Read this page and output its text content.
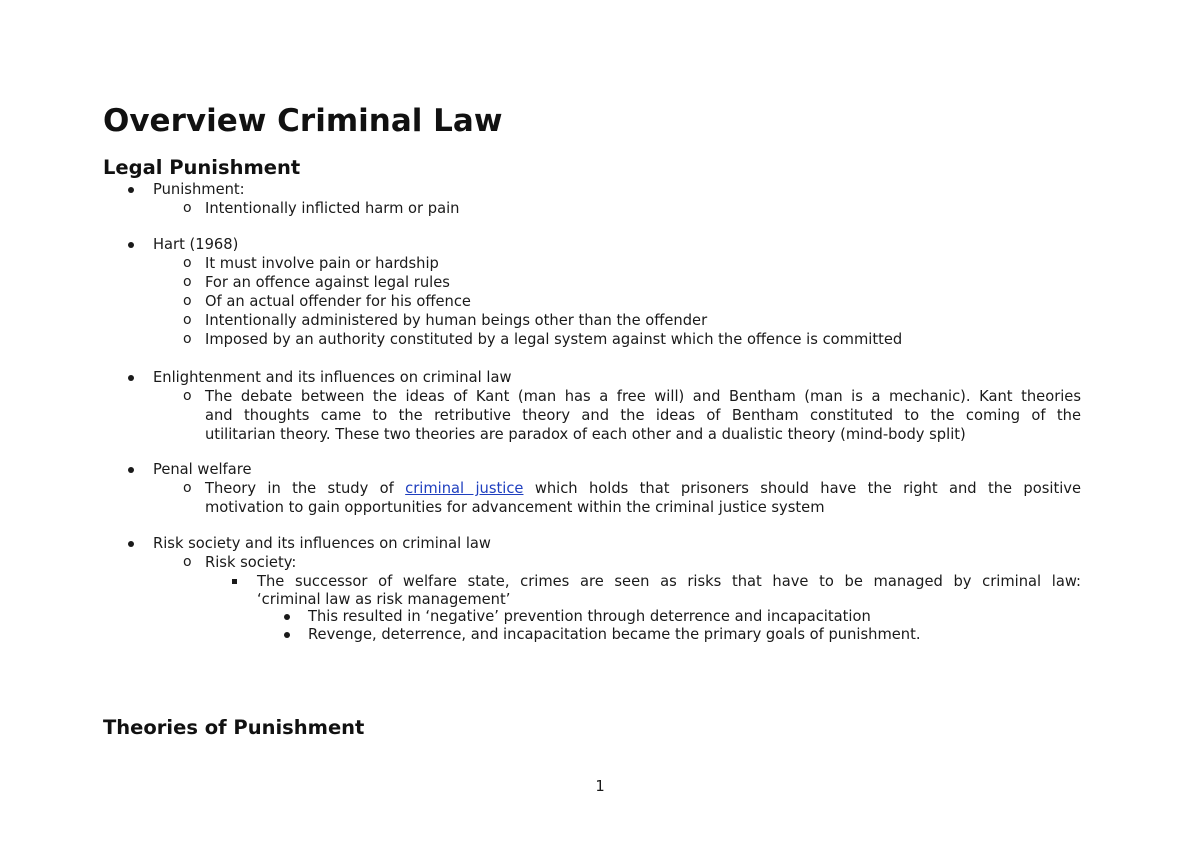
Overview Criminal Law
Legal Punishment
Punishment:
o Intentionally inflicted harm or pain
Hart (1968)
o It must involve pain or hardship
o For an offence against legal rules
o Of an actual offender for his offence
o Intentionally administered by human beings other than the offender
o Imposed by an authority constituted by a legal system against which the offence is committed
Enlightenment and its influences on criminal law
o The debate between the ideas of Kant (man has a free will) and Bentham (man is a mechanic). Kant theories
and thoughts came to the retributive theory and the ideas of Bentham constituted to the coming of the
utilitarian theory. These two theories are paradox of each other and a dualistic theory (mind-body split)
Penal welfare
o Theory in the study of criminal justice which holds that prisoners should have the right and the positive
motivation to gain opportunities for advancement within the criminal justice system
Risk society and its influences on criminal law
o Risk society:
The successor of welfare state, crimes are seen as risks that have to be managed by criminal law:
‘criminal law as risk management’
This resulted in ‘negative’ prevention through deterrence and incapacitation
Revenge, deterrence, and incapacitation became the primary goals of punishment.
Theories of Punishment
1
